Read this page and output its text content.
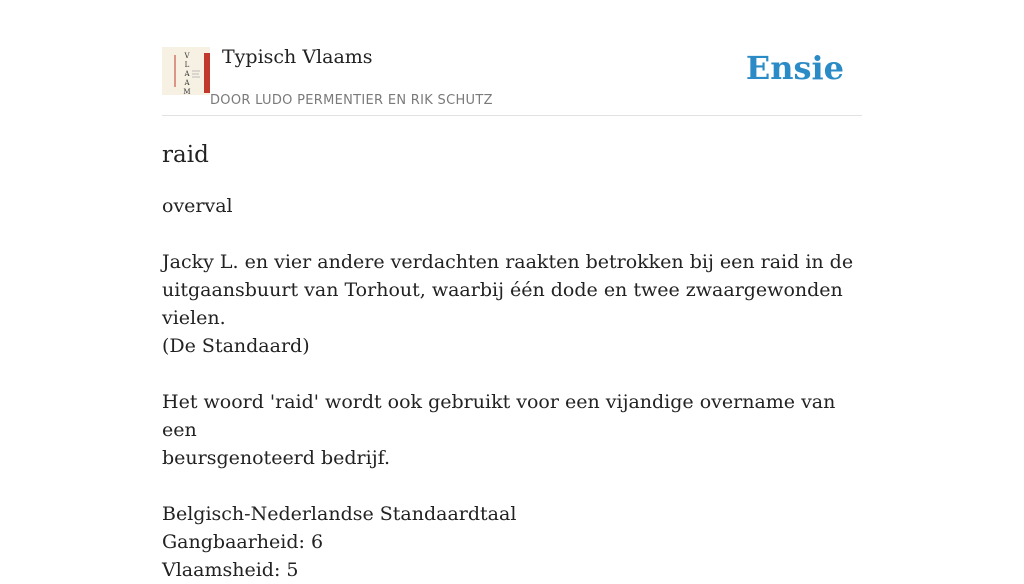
V
L
A
A
M
Typisch Vlaams
DOOR LUDO PERMENTIER EN RIK SCHUTZ
Ensie
raid
overval
Jacky L. en vier andere verdachten raakten betrokken bij een raid in de
uitgaansbuurt van Torhout, waarbij één dode en twee zwaargewonden vielen.
(De Standaard)
Het woord 'raid' wordt ook gebruikt voor een vijandige overname van een
beursgenoteerd bedrijf.
Belgisch-Nederlandse Standaardtaal
Gangbaarheid: 6
Vlaamsheid: 5
